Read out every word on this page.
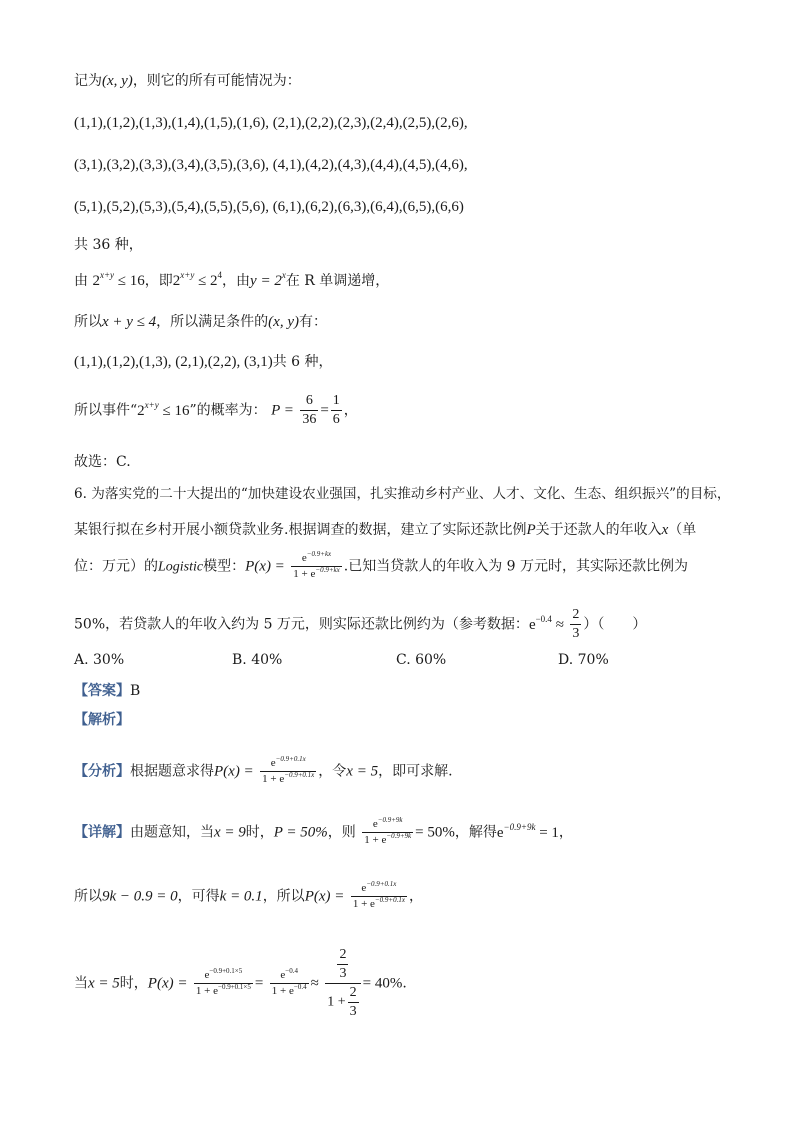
记为(x, y)，则它的所有可能情况为：
(1,1),(1,2),(1,3),(1,4),(1,5),(1,6), (2,1),(2,2),(2,3),(2,4),(2,5),(2,6),
(3,1),(3,2),(3,3),(3,4),(3,5),(3,6), (4,1),(4,2),(4,3),(4,4),(4,5),(4,6),
(5,1),(5,2),(5,3),(5,4),(5,5),(5,6), (6,1),(6,2),(6,3),(6,4),(6,5),(6,6)
共 36 种，
由 $2^{x+y} \le 16$，即$2^{x+y} \le 2^4$，由$y = 2^x$在 R 单调递增，
所以x + y ≤ 4，所以满足条件的(x, y)有：
(1,1),(1,2),(1,3), (2,1),(2,2), (3,1)共 6 种，
所以事件“$2^{x+y} \le 16$”的概率为： $P = \frac{6}{36} = \frac{1}{6}$ ，
故选：C.
6. 为落实党的二十大提出的“加快建设农业强国，扎实推动乡村产业、人才、文化、生态、组织振兴”的目标，
某银行拟在乡村开展小额贷款业务.根据调查的数据，建立了实际还款比例P关于还款人的年收入x（单
位：万元）的Logistic模型：$P(x) = \frac{e^{-0.9+kx}}{1 + e^{-0.9+kx}}$ .已知当贷款人的年收入为 9 万元时，其实际还款比例为
50%，若贷款人的年收入约为 5 万元，则实际还款比例约为（参考数据：$e^{-0.4} \approx \frac{2}{3}$ ）（　　）
A. 30%	B. 40%	C. 60%	D. 70%
【答案】B
【解析】
【分析】根据题意求得$P(x) = \frac{e^{-0.9+0.1x}}{1 + e^{-0.9+0.1x}}$ ，令x = 5，即可求解.
【详解】由题意知，当x = 9时，P = 50%，则 $\frac{e^{-0.9+9k}}{1 + e^{-0.9+9k}} = 50\%$，解得$e^{-0.9+9k} = 1$，
所以9k − 0.9 = 0，可得k = 0.1，所以$P(x) = \frac{e^{-0.9+0.1x}}{1 + e^{-0.9+0.1x}}$ ，
当x = 5时，$P(x) = \frac{e^{-0.9+0.1\times 5}}{1 + e^{-0.9+0.1\times 5}} = \frac{e^{-0.4}}{1 + e^{-0.4}} \approx \frac{\frac{2}{3}}{1 + \frac{2}{3}} = 40\%$.
